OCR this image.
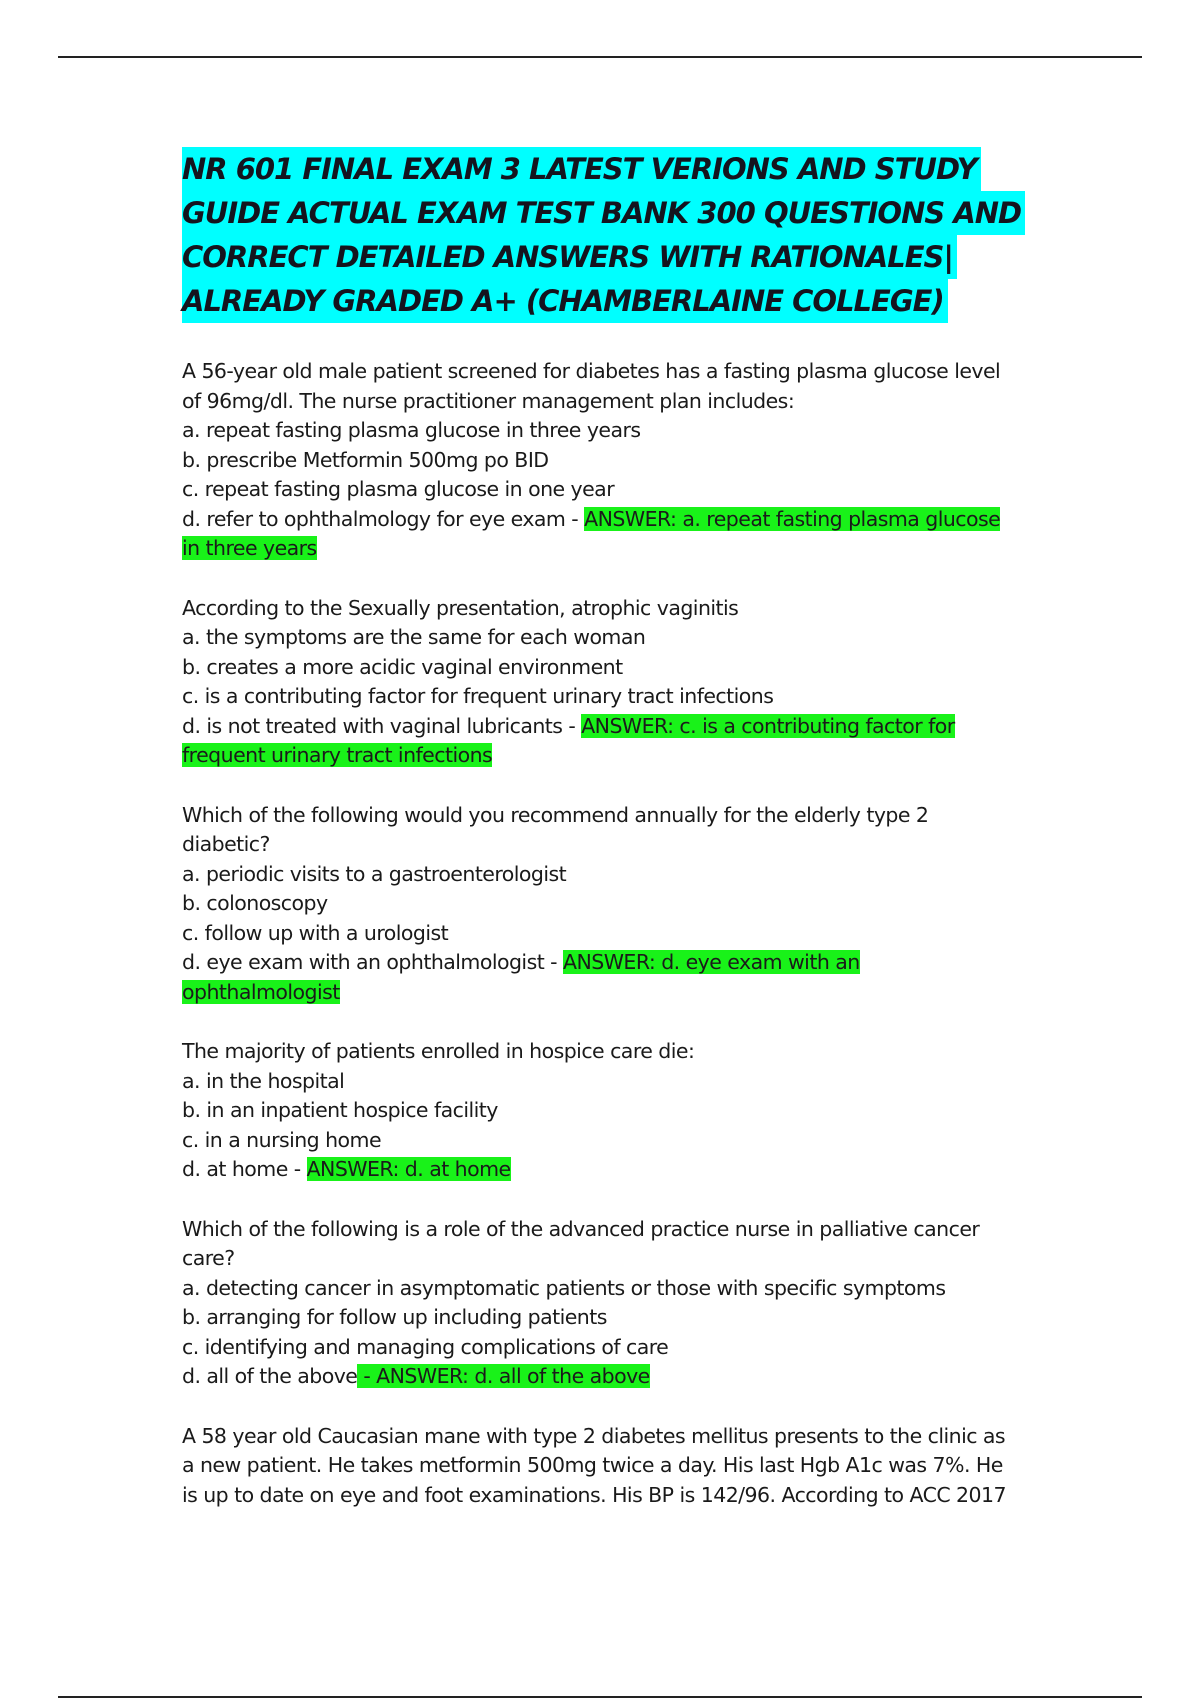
NR 601 FINAL EXAM 3 LATEST VERIONS AND STUDY
GUIDE ACTUAL EXAM TEST BANK 300 QUESTIONS AND
CORRECT DETAILED ANSWERS WITH RATIONALES|
ALREADY GRADED A+ (CHAMBERLAINE COLLEGE)
A 56-year old male patient screened for diabetes has a fasting plasma glucose level
of 96mg/dl. The nurse practitioner management plan includes:
a. repeat fasting plasma glucose in three years
b. prescribe Metformin 500mg po BID
c. repeat fasting plasma glucose in one year
d. refer to ophthalmology for eye exam - ANSWER: a. repeat fasting plasma glucose
in three years
According to the Sexually presentation, atrophic vaginitis
a. the symptoms are the same for each woman
b. creates a more acidic vaginal environment
c. is a contributing factor for frequent urinary tract infections
d. is not treated with vaginal lubricants - ANSWER: c. is a contributing factor for
frequent urinary tract infections
Which of the following would you recommend annually for the elderly type 2
diabetic?
a. periodic visits to a gastroenterologist
b. colonoscopy
c. follow up with a urologist
d. eye exam with an ophthalmologist - ANSWER: d. eye exam with an
ophthalmologist
The majority of patients enrolled in hospice care die:
a. in the hospital
b. in an inpatient hospice facility
c. in a nursing home
d. at home - ANSWER: d. at home
Which of the following is a role of the advanced practice nurse in palliative cancer
care?
a. detecting cancer in asymptomatic patients or those with specific symptoms
b. arranging for follow up including patients
c. identifying and managing complications of care
d. all of the above - ANSWER: d. all of the above
A 58 year old Caucasian mane with type 2 diabetes mellitus presents to the clinic as
a new patient. He takes metformin 500mg twice a day. His last Hgb A1c was 7%. He
is up to date on eye and foot examinations. His BP is 142/96. According to ACC 2017
